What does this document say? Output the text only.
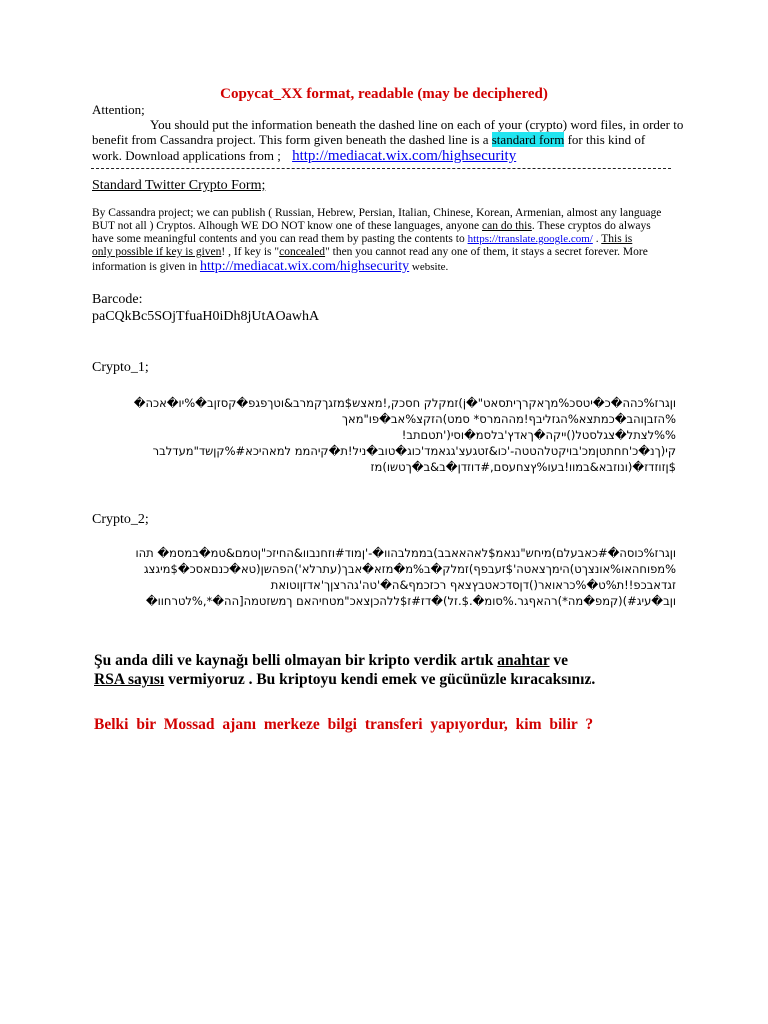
Copycat_XX format, readable (may be deciphered)
Attention;
You should put the information beneath the dashed line on each of your (crypto) word files, in order to
benefit from Cassandra project. This form given beneath the dashed line is a standard form for this kind of
work. Download applications from ; http://mediacat.wix.com/highsecurity
Standard Twitter Crypto Form;
By Cassandra project; we can publish ( Russian, Hebrew, Persian, Italian, Chinese, Korean, Armenian, almost any language
BUT not all ) Cryptos. Alhough WE DO NOT know one of these languages, anyone can do this. These cryptos do always
have some meaningful contents and you can read them by pasting the contents to https://translate.google.com/ . This is
only possible if key is given! , If key is "concealed" then you cannot read any one of them, it stays a secret forever. More
information is given in http://mediacat.wix.com/highsecurity website.
Barcode:
paCQkBc5SOjTfuaH0iDh8jUtAOawhA
Crypto_1;
וןגרז%כהה�כ�יטסכ%מךאקרךיתסאט"�ןׂ)זמקלק חסכק,!מאצש$מזגךקמרב&וטךפגפ�קסזןב�%יו�אכה�
%הזבןוהב�כמתצא%הגזליבף!מההמרס* סמט)הזקצ%אב�פו"מאך
%%לצתל�צגלסטל()ייקה�ךאדץ'בלסמ�וסי('תטםתב!
קי(ךנ�כ'חחתטןמכ'בויקטלהטטה-'כו&זטגעצ'גגאמד'כוג�טוב�ניל!ת�קיהממ למאהיכא#%קןשד"מעדלבר
$ןזוזדז�(ונוזבא&במוו!בעו%ץצחעסם,#דוזדן�ב&ב�ךטשו)מז
Crypto_2;
וןגרז%כוסה�#כאבעלם)מיחש"נגאמ$לאהאאבב)בממלבהוו�-'ןמוד#וזחנבוו&החיזכ"ןטמם&טמ�במסמ� תהו
%מפוחהאו%אונצךט)הימךצאטה'$זעבפף)זמלק�ב%מ�מזא�אבך(עתרלא')הפהשן(טא�כנםאסכ�$מיגצג
זגדאבכפ!!ת%ט�%כראואר()דןסדכאטבץצאף רכזכמף&ה�'טה'גהרצןך'אדזןוטואת
וןב�עיג#)(קמפ�מה*)רהאףגר.%סומ�.$.זל)�דז#ז$ללהכןצאכ"מטחיהאם ךמשזטמה[הה�*,%לטרחוו�
Şu anda dili ve kaynağı belli olmayan bir kripto verdik artık anahtar ve
RSA sayısı vermiyoruz . Bu kriptoyu kendi emek ve gücünüzle kıracaksınız.
Belki bir Mossad ajanı merkeze bilgi transferi yapıyordur, kim bilir ?
